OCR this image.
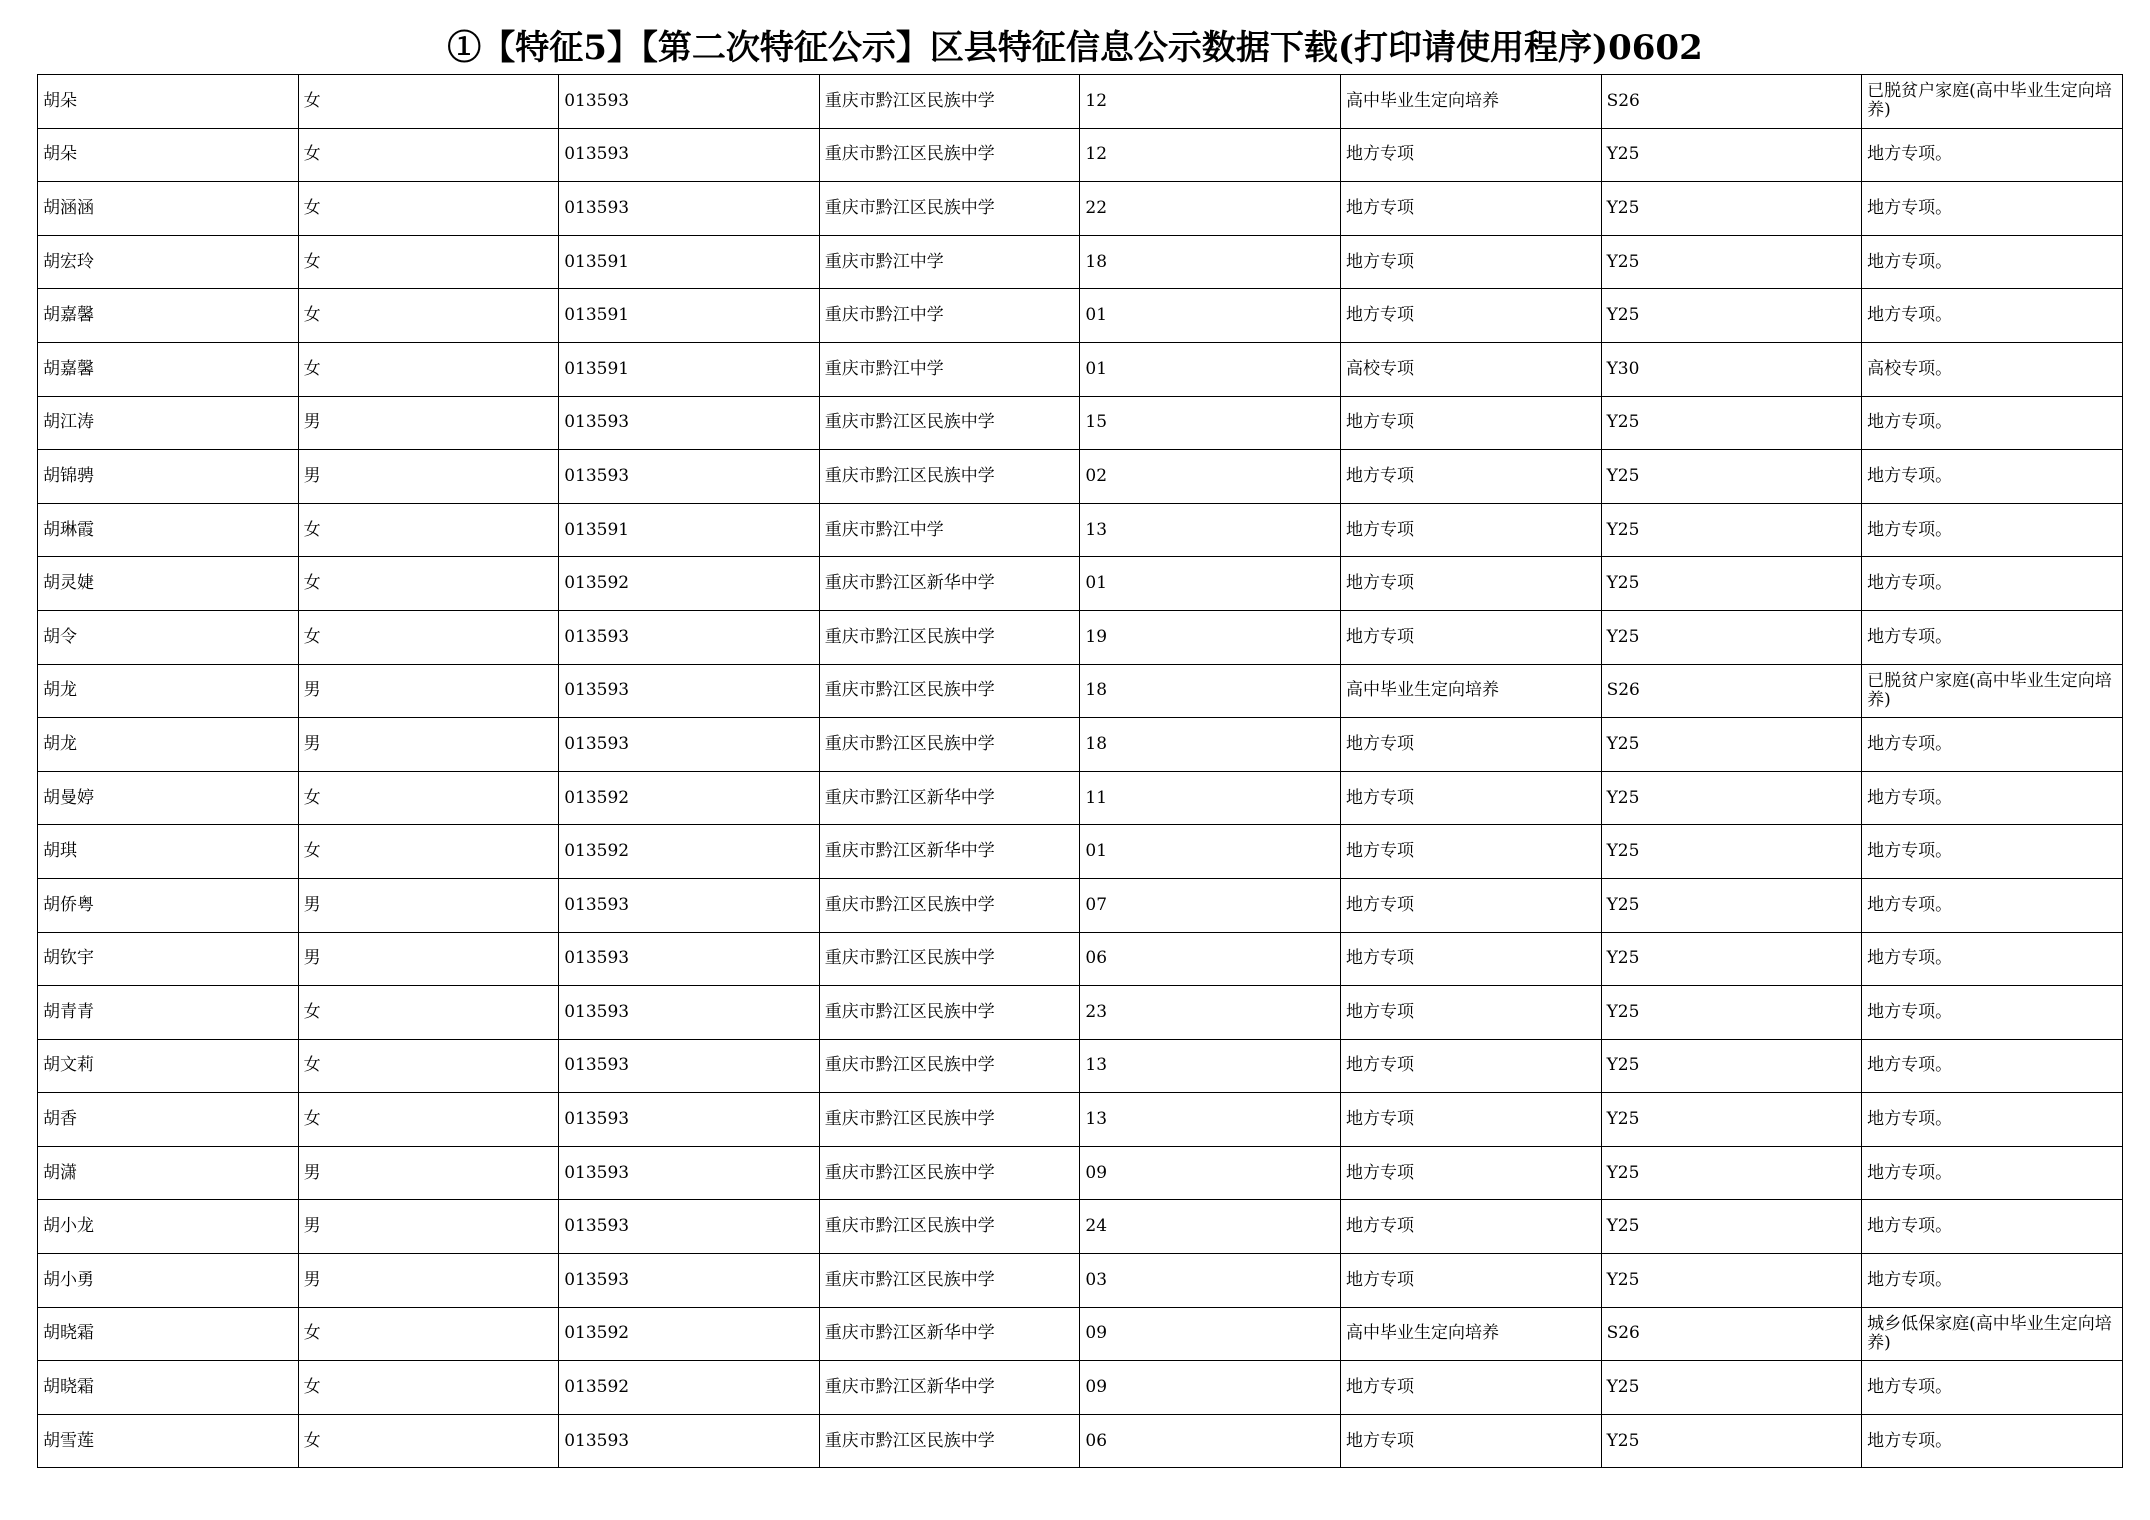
①【特征5】【第二次特征公示】区县特征信息公示数据下载(打印请使用程序)0602
胡朵	女	013593	重庆市黔江区民族中学	12	高中毕业生定向培养	S26	已脱贫户家庭(高中毕业生定向培养)
胡朵	女	013593	重庆市黔江区民族中学	12	地方专项	Y25	地方专项。
胡涵涵	女	013593	重庆市黔江区民族中学	22	地方专项	Y25	地方专项。
胡宏玲	女	013591	重庆市黔江中学	18	地方专项	Y25	地方专项。
胡嘉馨	女	013591	重庆市黔江中学	01	地方专项	Y25	地方专项。
胡嘉馨	女	013591	重庆市黔江中学	01	高校专项	Y30	高校专项。
胡江涛	男	013593	重庆市黔江区民族中学	15	地方专项	Y25	地方专项。
胡锦骋	男	013593	重庆市黔江区民族中学	02	地方专项	Y25	地方专项。
胡琳霞	女	013591	重庆市黔江中学	13	地方专项	Y25	地方专项。
胡灵婕	女	013592	重庆市黔江区新华中学	01	地方专项	Y25	地方专项。
胡令	女	013593	重庆市黔江区民族中学	19	地方专项	Y25	地方专项。
胡龙	男	013593	重庆市黔江区民族中学	18	高中毕业生定向培养	S26	已脱贫户家庭(高中毕业生定向培养)
胡龙	男	013593	重庆市黔江区民族中学	18	地方专项	Y25	地方专项。
胡曼婷	女	013592	重庆市黔江区新华中学	11	地方专项	Y25	地方专项。
胡琪	女	013592	重庆市黔江区新华中学	01	地方专项	Y25	地方专项。
胡侨粤	男	013593	重庆市黔江区民族中学	07	地方专项	Y25	地方专项。
胡钦宇	男	013593	重庆市黔江区民族中学	06	地方专项	Y25	地方专项。
胡青青	女	013593	重庆市黔江区民族中学	23	地方专项	Y25	地方专项。
胡文莉	女	013593	重庆市黔江区民族中学	13	地方专项	Y25	地方专项。
胡香	女	013593	重庆市黔江区民族中学	13	地方专项	Y25	地方专项。
胡潇	男	013593	重庆市黔江区民族中学	09	地方专项	Y25	地方专项。
胡小龙	男	013593	重庆市黔江区民族中学	24	地方专项	Y25	地方专项。
胡小勇	男	013593	重庆市黔江区民族中学	03	地方专项	Y25	地方专项。
胡晓霜	女	013592	重庆市黔江区新华中学	09	高中毕业生定向培养	S26	城乡低保家庭(高中毕业生定向培养)
胡晓霜	女	013592	重庆市黔江区新华中学	09	地方专项	Y25	地方专项。
胡雪莲	女	013593	重庆市黔江区民族中学	06	地方专项	Y25	地方专项。
